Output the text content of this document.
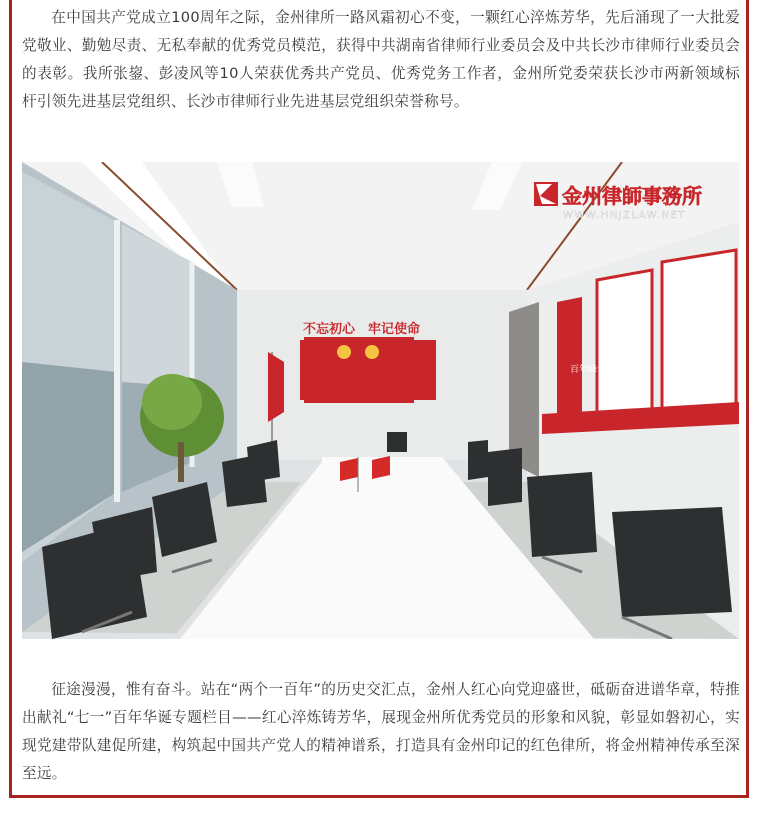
在中国共产党成立100周年之际，金州律所一路风霜初心不变，一颗红心淬炼芳华，先后涌现了一大批爱党敬业、勤勉尽责、无私奉献的优秀党员模范，获得中共湖南省律师行业委员会及中共长沙市律师行业委员会的表彰。我所张鋆、彭凌风等10人荣获优秀共产党员、优秀党务工作者，金州所党委荣获长沙市两新领域标杆引领先进基层党组织、长沙市律师行业先进基层党组织荣誉称号。

百年峰华
不忘初心　牢记使命
金州律師事務所
WWW.HNJZLAW.NET

征途漫漫，惟有奋斗。站在“两个一百年”的历史交汇点，金州人红心向党迎盛世，砥砺奋进谱华章，特推出献礼“七一”百年华诞专题栏目——红心淬炼铸芳华，展现金州所优秀党员的形象和风貌，彰显如磐初心，实现党建带队建促所建，构筑起中国共产党人的精神谱系，打造具有金州印记的红色律所，将金州精神传承至深至远。
